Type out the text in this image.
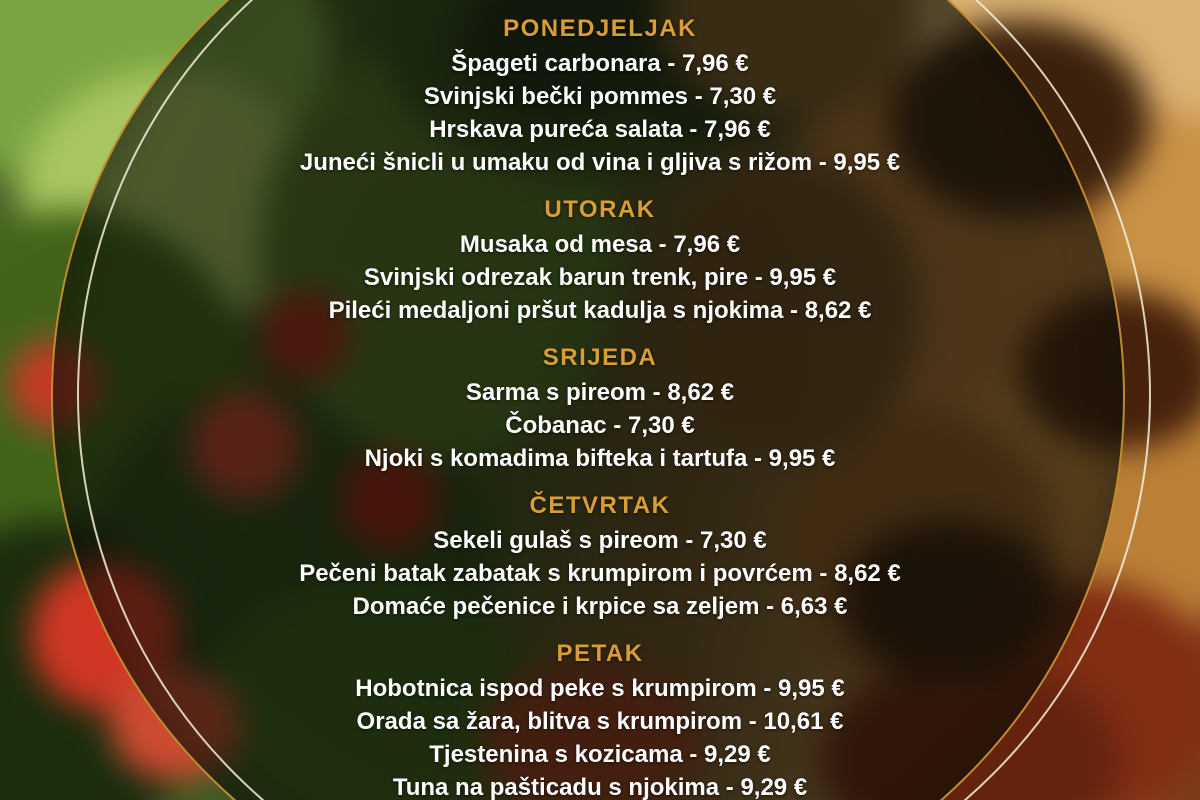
PONEDJELJAK
Špageti carbonara - 7,96 €
Svinjski bečki pommes - 7,30 €
Hrskava pureća salata - 7,96 €
Juneći šnicli u umaku od vina i gljiva s rižom - 9,95 €
UTORAK
Musaka od mesa - 7,96 €
Svinjski odrezak barun trenk, pire - 9,95 €
Pileći medaljoni pršut kadulja s njokima - 8,62 €
SRIJEDA
Sarma s pireom - 8,62 €
Čobanac - 7,30 €
Njoki s komadima bifteka i tartufa - 9,95 €
ČETVRTAK
Sekeli gulaš s pireom - 7,30 €
Pečeni batak zabatak s krumpirom i povrćem - 8,62 €
Domaće pečenice i krpice sa zeljem - 6,63 €
PETAK
Hobotnica ispod peke s krumpirom - 9,95 €
Orada sa žara, blitva s krumpirom - 10,61 €
Tjestenina s kozicama - 9,29 €
Tuna na pašticadu s njokima - 9,29 €
